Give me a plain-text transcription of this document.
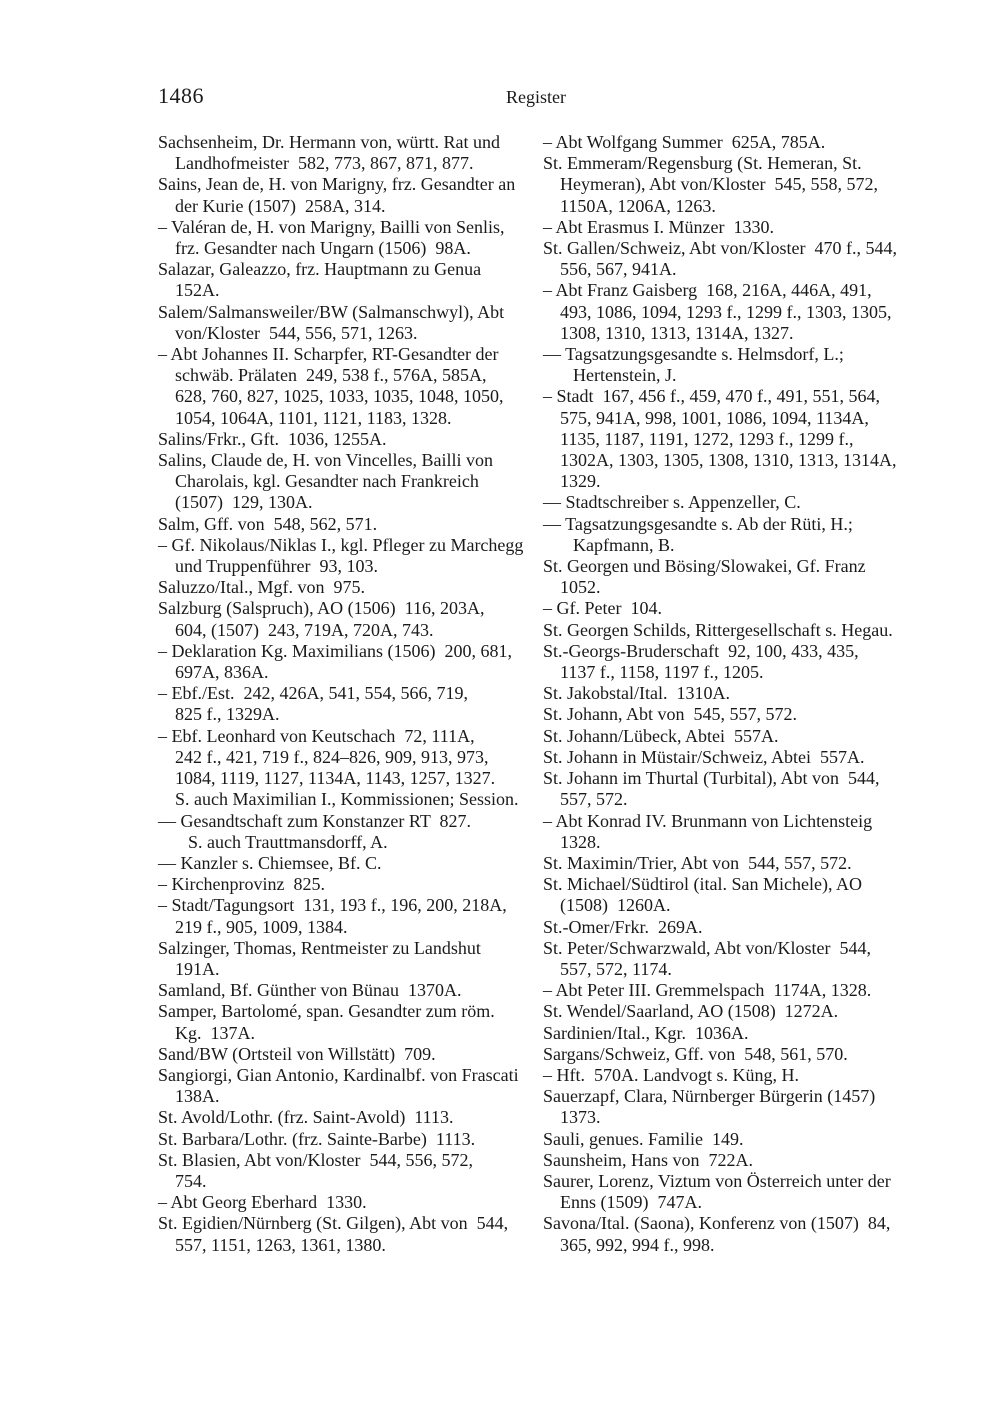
1486	Register
Sachsenheim, Dr. Hermann von, württ. Rat und
Landhofmeister  582, 773, 867, 871, 877.
Sains, Jean de, H. von Marigny, frz. Gesandter an
der Kurie (1507)  258A, 314.
– Valéran de, H. von Marigny, Bailli von Senlis,
frz. Gesandter nach Ungarn (1506)  98A.
Salazar, Galeazzo, frz. Hauptmann zu Genua
152A.
Salem/Salmansweiler/BW (Salmanschwyl), Abt
von/Kloster  544, 556, 571, 1263.
– Abt Johannes II. Scharpfer, RT-Gesandter der
schwäb. Prälaten  249, 538 f., 576A, 585A,
628, 760, 827, 1025, 1033, 1035, 1048, 1050,
1054, 1064A, 1101, 1121, 1183, 1328.
Salins/Frkr., Gft.  1036, 1255A.
Salins, Claude de, H. von Vincelles, Bailli von
Charolais, kgl. Gesandter nach Frankreich
(1507)  129, 130A.
Salm, Gff. von  548, 562, 571.
– Gf. Nikolaus/Niklas I., kgl. Pfleger zu Marchegg
und Truppenführer  93, 103.
Saluzzo/Ital., Mgf. von  975.
Salzburg (Salspruch), AO (1506)  116, 203A,
604, (1507)  243, 719A, 720A, 743.
– Deklaration Kg. Maximilians (1506)  200, 681,
697A, 836A.
– Ebf./Est.  242, 426A, 541, 554, 566, 719,
825 f., 1329A.
– Ebf. Leonhard von Keutschach  72, 111A,
242 f., 421, 719 f., 824–826, 909, 913, 973,
1084, 1119, 1127, 1134A, 1143, 1257, 1327.
S. auch Maximilian I., Kommissionen; Session.
–– Gesandtschaft zum Konstanzer RT  827.
S. auch Trauttmansdorff, A.
–– Kanzler s. Chiemsee, Bf. C.
– Kirchenprovinz  825.
– Stadt/Tagungsort  131, 193 f., 196, 200, 218A,
219 f., 905, 1009, 1384.
Salzinger, Thomas, Rentmeister zu Landshut
191A.
Samland, Bf. Günther von Bünau  1370A.
Samper, Bartolomé, span. Gesandter zum röm.
Kg.  137A.
Sand/BW (Ortsteil von Willstätt)  709.
Sangiorgi, Gian Antonio, Kardinalbf. von Frascati
138A.
St. Avold/Lothr. (frz. Saint-Avold)  1113.
St. Barbara/Lothr. (frz. Sainte-Barbe)  1113.
St. Blasien, Abt von/Kloster  544, 556, 572,
754.
– Abt Georg Eberhard  1330.
St. Egidien/Nürnberg (St. Gilgen), Abt von  544,
557, 1151, 1263, 1361, 1380.
– Abt Wolfgang Summer  625A, 785A.
St. Emmeram/Regensburg (St. Hemeran, St.
Heymeran), Abt von/Kloster  545, 558, 572,
1150A, 1206A, 1263.
– Abt Erasmus I. Münzer  1330.
St. Gallen/Schweiz, Abt von/Kloster  470 f., 544,
556, 567, 941A.
– Abt Franz Gaisberg  168, 216A, 446A, 491,
493, 1086, 1094, 1293 f., 1299 f., 1303, 1305,
1308, 1310, 1313, 1314A, 1327.
–– Tagsatzungsgesandte s. Helmsdorf, L.;
Hertenstein, J.
– Stadt  167, 456 f., 459, 470 f., 491, 551, 564,
575, 941A, 998, 1001, 1086, 1094, 1134A,
1135, 1187, 1191, 1272, 1293 f., 1299 f.,
1302A, 1303, 1305, 1308, 1310, 1313, 1314A,
1329.
–– Stadtschreiber s. Appenzeller, C.
–– Tagsatzungsgesandte s. Ab der Rüti, H.;
Kapfmann, B.
St. Georgen und Bösing/Slowakei, Gf. Franz
1052.
– Gf. Peter  104.
St. Georgen Schilds, Rittergesellschaft s. Hegau.
St.-Georgs-Bruderschaft  92, 100, 433, 435,
1137 f., 1158, 1197 f., 1205.
St. Jakobstal/Ital.  1310A.
St. Johann, Abt von  545, 557, 572.
St. Johann/Lübeck, Abtei  557A.
St. Johann in Müstair/Schweiz, Abtei  557A.
St. Johann im Thurtal (Turbital), Abt von  544,
557, 572.
– Abt Konrad IV. Brunmann von Lichtensteig
1328.
St. Maximin/Trier, Abt von  544, 557, 572.
St. Michael/Südtirol (ital. San Michele), AO
(1508)  1260A.
St.-Omer/Frkr.  269A.
St. Peter/Schwarzwald, Abt von/Kloster  544,
557, 572, 1174.
– Abt Peter III. Gremmelspach  1174A, 1328.
St. Wendel/Saarland, AO (1508)  1272A.
Sardinien/Ital., Kgr.  1036A.
Sargans/Schweiz, Gff. von  548, 561, 570.
– Hft.  570A. Landvogt s. Küng, H.
Sauerzapf, Clara, Nürnberger Bürgerin (1457)
1373.
Sauli, genues. Familie  149.
Saunsheim, Hans von  722A.
Saurer, Lorenz, Viztum von Österreich unter der
Enns (1509)  747A.
Savona/Ital. (Saona), Konferenz von (1507)  84,
365, 992, 994 f., 998.
